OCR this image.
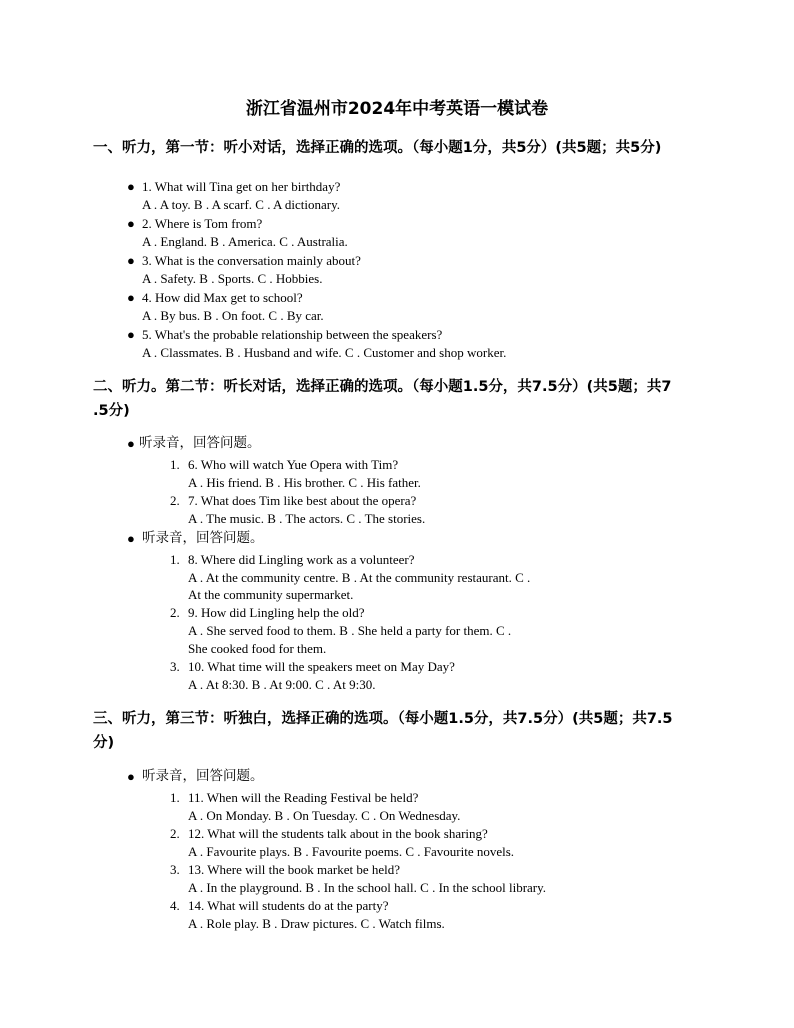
浙江省温州市2024年中考英语一模试卷
一、听力，第一节：听小对话，选择正确的选项。（每小题1分，共5分）(共5题；共5分)
● 1. What will Tina get on her birthday?
A . A toy. B . A scarf. C . A dictionary.
● 2. Where is Tom from?
A . England. B . America. C . Australia.
● 3. What is the conversation mainly about?
A . Safety. B . Sports. C . Hobbies.
● 4. How did Max get to school?
A . By bus. B . On foot. C . By car.
● 5. What's the probable relationship between the speakers?
A . Classmates. B . Husband and wife. C . Customer and shop worker.
二、听力。第二节：听长对话，选择正确的选项。（每小题1.5分，共7.5分）(共5题；共7
.5分)
● 听录音，回答问题。
1. 6. Who will watch Yue Opera with Tim?
A . His friend. B . His brother. C . His father.
2. 7. What does Tim like best about the opera?
A . The music. B . The actors. C . The stories.
● 听录音，回答问题。
1. 8. Where did Lingling work as a volunteer?
A . At the community centre. B . At the community restaurant. C .
At the community supermarket.
2. 9. How did Lingling help the old?
A . She served food to them. B . She held a party for them. C .
She cooked food for them.
3. 10. What time will the speakers meet on May Day?
A . At 8:30. B . At 9:00. C . At 9:30.
三、听力，第三节：听独白，选择正确的选项。（每小题1.5分，共7.5分）(共5题；共7.5
分)
● 听录音，回答问题。
1. 11. When will the Reading Festival be held?
A . On Monday. B . On Tuesday. C . On Wednesday.
2. 12. What will the students talk about in the book sharing?
A . Favourite plays. B . Favourite poems. C . Favourite novels.
3. 13. Where will the book market be held?
A . In the playground. B . In the school hall. C . In the school library.
4. 14. What will students do at the party?
A . Role play. B . Draw pictures. C . Watch films.
